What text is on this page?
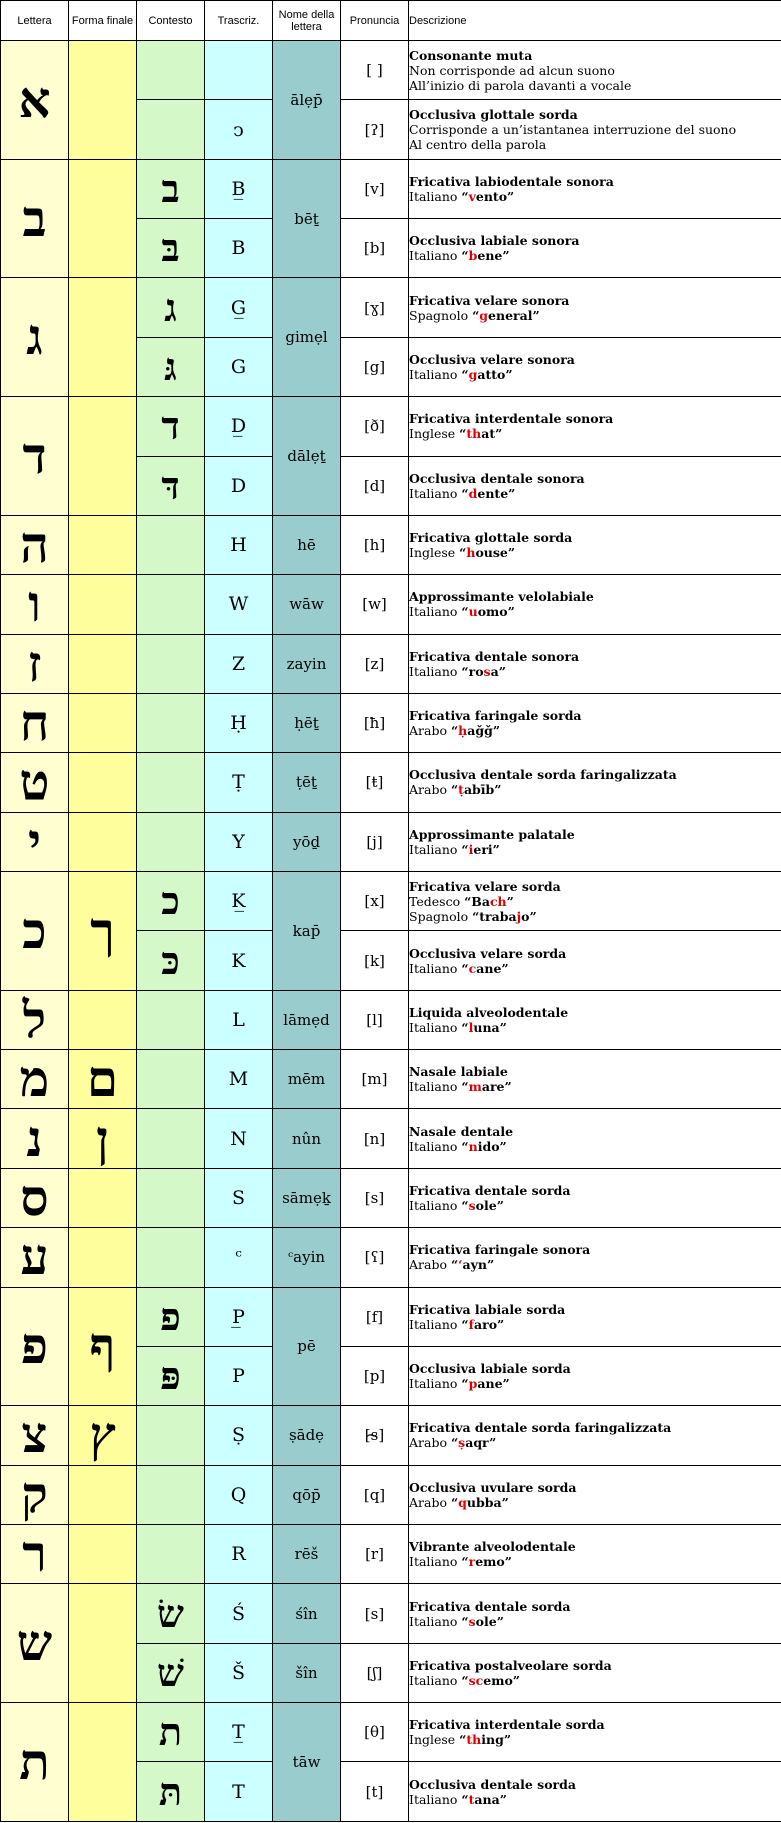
Lettera	Forma finale	Contesto	Trascriz.	Nome della lettera	Pronuncia	Descrizione
א				ālẹp̄	[ ]	Consonante muta
Non corrisponde ad alcun suono
All’inizio di parola davanti a vocale

			ͻ		[ʔ]	Occlusiva glottale sorda
Corrisponde a un’istantanea interruzione del suono
Al centro della parola

ב		ב	B̲	bēṯ	[v]	Fricativa labiodentale sonora
Italiano “vento”

		בּ	B		[b]	Occlusiva labiale sonora
Italiano “bene”

ג		ג	G̲	gimẹl	[ɣ]	Fricativa velare sonora
Spagnolo “general”

		גּ	G		[g]	Occlusiva velare sonora
Italiano “gatto”

ד		ד	D̲	dālẹṯ	[ð]	Fricativa interdentale sonora
Inglese “that”

		דּ	D		[d]	Occlusiva dentale sonora
Italiano “dente”

ה			H	hē	[h]	Fricativa glottale sorda
Inglese “house”

ו			W	wāw	[w]	Approssimante velolabiale
Italiano “uomo”

ז			Z	zayin	[z]	Fricativa dentale sonora
Italiano “rosa”

ח			Ḥ	ḥēṯ	[ħ]	Fricativa faringale sorda
Arabo “ḥaǧǧ”

ט			Ṭ	ṭēṯ	[ŧ]	Occlusiva dentale sorda faringalizzata
Arabo “ṭabīb”

י			Y	yōḏ	[j]	Approssimante palatale
Italiano “ieri”

כ	ך	כ	K̲	kap̄	[x]	Fricativa velare sorda
Tedesco “Bach”
Spagnolo “trabajo”

		כּ	K		[k]	Occlusiva velare sorda
Italiano “cane”

ל			L	lāmẹd	[l]	Liquida alveolodentale
Italiano “luna”

מ	ם		M	mēm	[m]	Nasale labiale
Italiano “mare”

נ	ן		N	nûn	[n]	Nasale dentale
Italiano “nido”

ס			S	sāmẹḵ	[s]	Fricativa dentale sorda
Italiano “sole”

ע			ᶜ	ᶜayin	[ʕ]	Fricativa faringale sonora
Arabo “ʻayn”

פ	ף	פ	P̲	pē	[f]	Fricativa labiale sorda
Italiano “faro”

		פּ	P		[p]	Occlusiva labiale sorda
Italiano “pane”

צ	ץ		Ṣ	ṣādẹ	[s̴]	Fricativa dentale sorda faringalizzata
Arabo “ṣaqr”

ק			Q	qōp̄	[q]	Occlusiva uvulare sorda
Arabo “qubba”

ר			R	rēš	[r]	Vibrante alveolodentale
Italiano “remo”

ש		שׂ	Ś	śîn	[s]	Fricativa dentale sorda
Italiano “sole”

		שׁ	Š	šîn	[ʃ]	Fricativa postalveolare sorda
Italiano “scemo”

ת		ת	T̲	tāw	[θ]	Fricativa interdentale sorda
Inglese “thing”

		תּ	T		[t]	Occlusiva dentale sorda
Italiano “tana”
